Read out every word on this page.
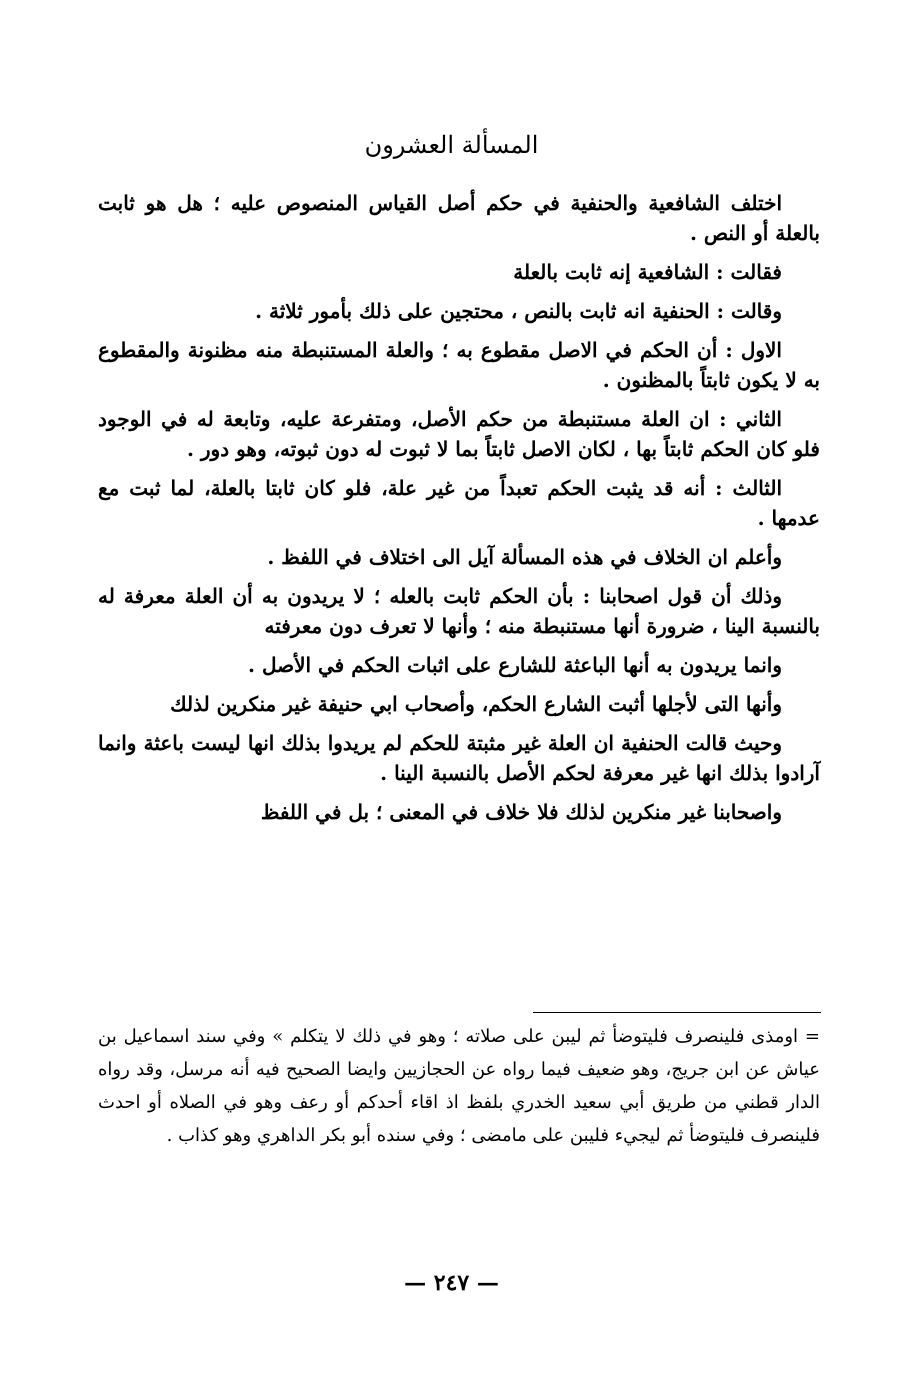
المسألة العشرون

اختلف الشافعية والحنفية في حكم أصل القياس المنصوص عليه ؛ هل هو ثابت بالعلة أو النص .

فقالت : الشافعية إنه ثابت بالعلة

وقالت : الحنفية انه ثابت بالنص ، محتجين على ذلك بأمور ثلاثة .

الاول : أن الحكم في الاصل مقطوع به ؛ والعلة المستنبطة منه مظنونة والمقطوع به لا يكون ثابتاً بالمظنون .

الثاني : ان العلة مستنبطة من حكم الأصل، ومتفرعة عليه، وتابعة له في الوجود فلو كان الحكم ثابتاً بها ، لكان الاصل ثابتاً بما لا ثبوت له دون ثبوته، وهو دور .

الثالث : أنه قد يثبت الحكم تعبداً من غير علة، فلو كان ثابتا بالعلة، لما ثبت مع عدمها .

وأعلم ان الخلاف في هذه المسألة آيل الى اختلاف في اللفظ .

وذلك أن قول اصحابنا : بأن الحكم ثابت بالعله ؛ لا يريدون به أن العلة معرفة له بالنسبة الينا ، ضرورة أنها مستنبطة منه ؛ وأنها لا تعرف دون معرفته

وانما يريدون به أنها الباعثة للشارع على اثبات الحكم في الأصل .

وأنها التى لأجلها أثبت الشارع الحكم، وأصحاب ابي حنيفة غير منكرين لذلك

وحيث قالت الحنفية ان العلة غير مثبتة للحكم لم يريدوا بذلك انها ليست باعثة وانما آرادوا بذلك انها غير معرفة لحكم الأصل بالنسبة الينا .

واصحابنا غير منكرين لذلك فلا خلاف في المعنى ؛ بل في اللفظ

= اومذى فلينصرف فليتوضأ ثم ليبن على صلاته ؛ وهو في ذلك لا يتكلم » وفي سند اسماعيل بن عياش عن ابن جريج، وهو ضعيف فيما رواه عن الحجازيين وايضا الصحيح فيه أنه مرسل، وقد رواه الدار قطني من طريق أبي سعيد الخدري بلفظ اذ اقاء أحدكم أو رعف وهو في الصلاه أو احدث فلينصرف فليتوضأ ثم ليجيء فليبن على مامضى ؛ وفي سنده أبو بكر الداهري وهو كذاب .

— ٢٤٧ —
